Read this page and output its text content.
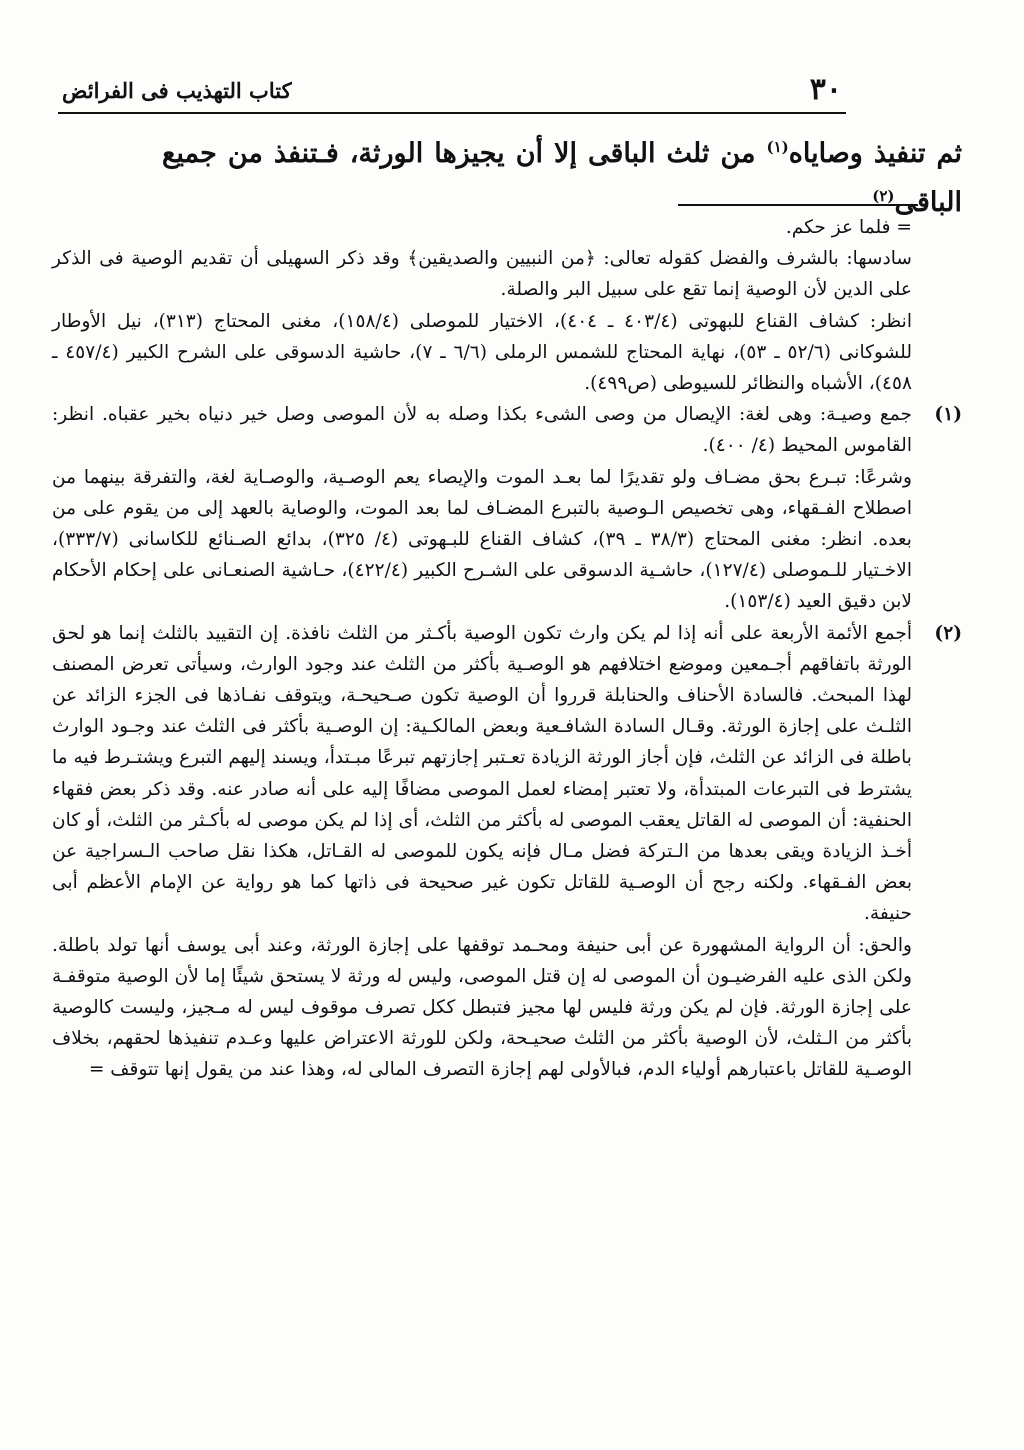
٣٠
كتاب التهذيب فى الفرائض

ثم تنفيذ وصاياه$^{(١)}$ من ثلث الباقى إلا أن يجيزها الورثة، فـتنفذ من جميع الباقى$^{(٢)}$

= فلما عز حكم.

سادسها: بالشرف والفضل كقوله تعالى: ﴿من النبيين والصديقين﴾ وقد ذكر السهيلى أن تقديم الوصية فى الذكر على الدين لأن الوصية إنما تقع على سبيل البر والصلة.

انظر: كشاف القناع للبهوتى (٤٠٣/٤ ـ ٤٠٤)، الاختيار للموصلى (١٥٨/٤)، مغنى المحتاج (٣١٣)، نيل الأوطار للشوكانى (٥٢/٦ ـ ٥٣)، نهاية المحتاج للشمس الرملى (٦/٦ ـ ٧)، حاشية الدسوقى على الشرح الكبير (٤٥٧/٤ ـ ٤٥٨)، الأشباه والنظائر للسيوطى (ص٤٩٩).

(١)

جمع وصيـة: وهى لغة: الإيصال من وصى الشىء بكذا وصله به لأن الموصى وصل خير دنياه بخير عقباه. انظر: القاموس المحيط (٤/ ٤٠٠).

وشرعًا: تبـرع بحق مضـاف ولو تقديرًا لما بعـد الموت والإيصاء يعم الوصـية، والوصـاية لغة، والتفرقة بينهما من اصطلاح الفـقهاء، وهى تخصيص الـوصية بالتبرع المضـاف لما بعد الموت، والوصاية بالعهد إلى من يقوم على من بعده. انظر: مغنى المحتاج (٣٨/٣ ـ ٣٩)، كشاف القناع للبـهوتى (٤/ ٣٢٥)، بدائع الصـنائع للكاسانى (٣٣٣/٧)، الاخـتيار للـموصلى (١٢٧/٤)، حاشـية الدسوقى على الشـرح الكبير (٤٢٢/٤)، حـاشية الصنعـانى على إحكام الأحكام لابن دقيق العيد (١٥٣/٤).

(٢)

أجمع الأئمة الأربعة على أنه إذا لم يكن وارث تكون الوصية بأكـثر من الثلث نافذة. إن التقييد بالثلث إنما هو لحق الورثة باتفاقهم أجـمعين وموضع اختلافهم هو الوصـية بأكثر من الثلث عند وجود الوارث، وسيأتى تعرض المصنف لهذا المبحث. فالسادة الأحناف والحنابلة قرروا أن الوصية تكون صـحيحـة، ويتوقف نفـاذها فى الجزء الزائد عن الثلـث على إجازة الورثة. وقـال السادة الشافـعية وبعض المالكـية: إن الوصـية بأكثر فى الثلث عند وجـود الوارث باطلة فى الزائد عن الثلث، فإن أجاز الورثة الزيادة تعـتبر إجازتهم تبرعًا مبـتدأ، ويسند إليهم التبرع ويشتـرط فيه ما يشترط فى التبرعات المبتدأة، ولا تعتبر إمضاء لعمل الموصى مضافًا إليه على أنه صادر عنه. وقد ذكر بعض فقهاء الحنفية: أن الموصى له القاتل يعقب الموصى له بأكثر من الثلث، أى إذا لم يكن موصى له بأكـثر من الثلث، أو كان أخـذ الزيادة ويقى بعدها من الـتركة فضل مـال فإنه يكون للموصى له القـاتل، هكذا نقل صاحب الـسراجية عن بعض الفـقهاء. ولكنه رجح أن الوصـية للقاتل تكون غير صحيحة فى ذاتها كما هو رواية عن الإمام الأعظم أبى حنيفة.

والحق: أن الرواية المشهورة عن أبى حنيفة ومحـمد توقفها على إجازة الورثة، وعند أبى يوسف أنها تولد باطلة. ولكن الذى عليه الفرضيـون أن الموصى له إن قتل الموصى، وليس له ورثة لا يستحق شيئًا إما لأن الوصية متوقفـة على إجازة الورثة. فإن لم يكن ورثة فليس لها مجيز فتبطل ككل تصرف موقوف ليس له مـجيز، وليست كالوصية بأكثر من الـثلث، لأن الوصية بأكثر من الثلث صحيـحة، ولكن للورثة الاعتراض عليها وعـدم تنفيذها لحقهم، بخلاف الوصـية للقاتل باعتبارهم أولياء الدم، فبالأولى لهم إجازة التصرف المالى له، وهذا عند من يقول إنها تتوقف =
